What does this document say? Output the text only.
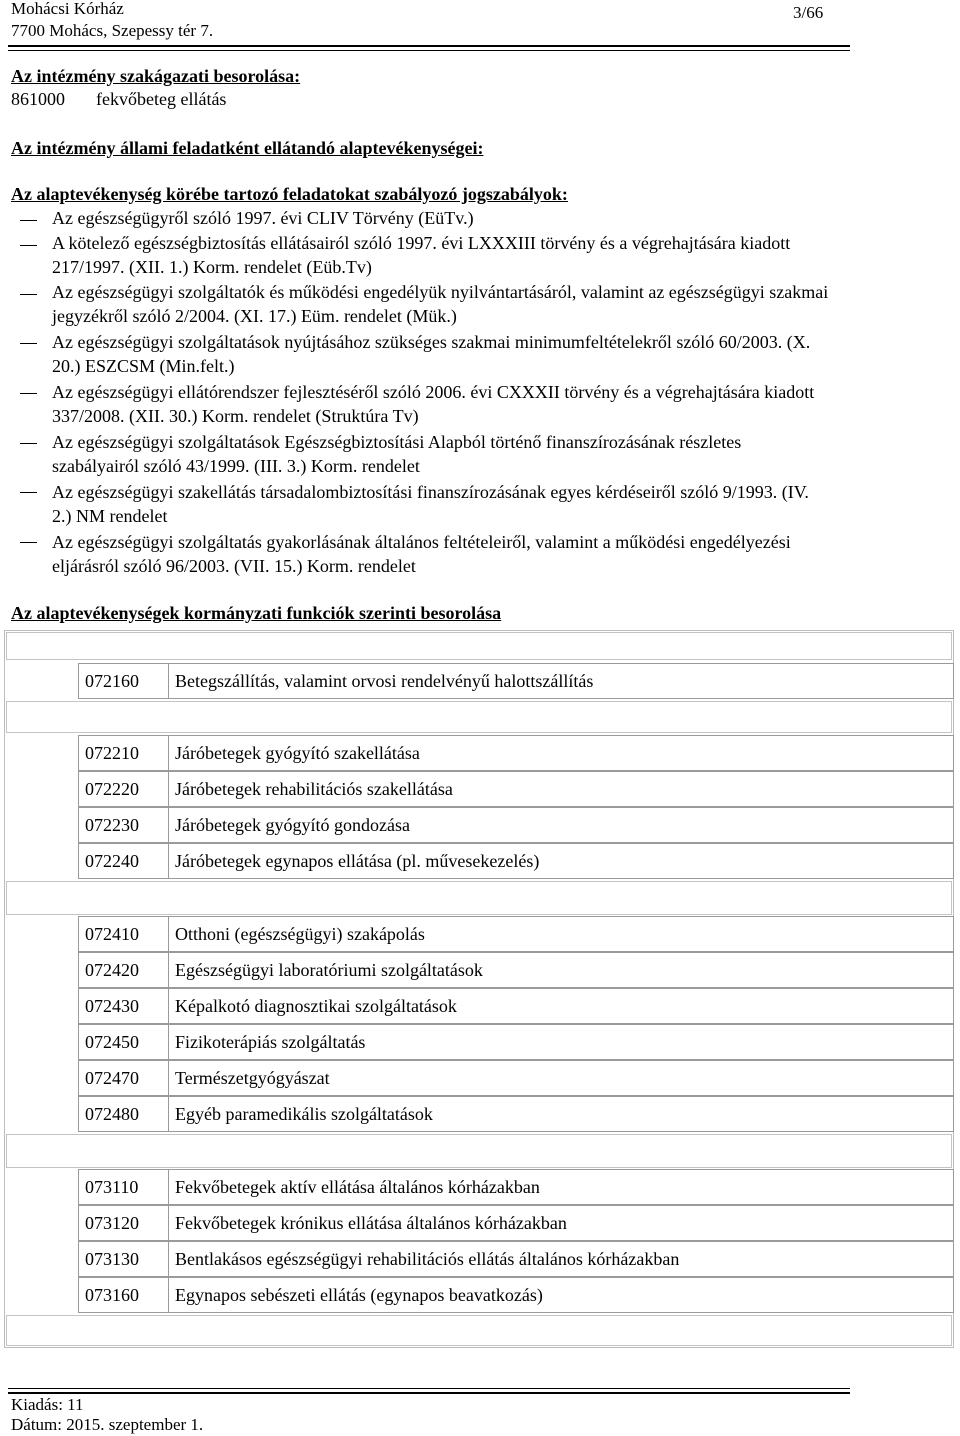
Mohácsi Kórház
7700 Mohács, Szepessy tér 7.
3/66
Az intézmény szakágazati besorolása:
861000 fekvőbeteg ellátás
Az intézmény állami feladatként ellátandó alaptevékenységei:
Az alaptevékenység körébe tartozó feladatokat szabályozó jogszabályok:
Az egészségügyről szóló 1997. évi CLIV Törvény (EüTv.)
A kötelező egészségbiztosítás ellátásairól szóló 1997. évi LXXXIII törvény és a végrehajtására kiadott 217/1997. (XII. 1.) Korm. rendelet (Eüb.Tv)
Az egészségügyi szolgáltatók és működési engedélyük nyilvántartásáról, valamint az egészségügyi szakmai jegyzékről szóló 2/2004. (XI. 17.) Eüm. rendelet (Mük.)
Az egészségügyi szolgáltatások nyújtásához szükséges szakmai minimumfeltételekről szóló 60/2003. (X. 20.) ESZCSM (Min.felt.)
Az egészségügyi ellátórendszer fejlesztéséről szóló 2006. évi CXXXII törvény és a végrehajtására kiadott 337/2008. (XII. 30.) Korm. rendelet (Struktúra Tv)
Az egészségügyi szolgáltatások Egészségbiztosítási Alapból történő finanszírozásának részletes szabályairól szóló 43/1999. (III. 3.) Korm. rendelet
Az egészségügyi szakellátás társadalombiztosítási finanszírozásának egyes kérdéseiről szóló 9/1993. (IV. 2.) NM rendelet
Az egészségügyi szolgáltatás gyakorlásának általános feltételeiről, valamint a működési engedélyezési eljárásról szóló 96/2003. (VII. 15.) Korm. rendelet
Az alaptevékenységek kormányzati funkciók szerinti besorolása
072160	Betegszállítás, valamint orvosi rendelvényű halottszállítás
072210	Járóbetegek gyógyító szakellátása
072220	Járóbetegek rehabilitációs szakellátása
072230	Járóbetegek gyógyító gondozása
072240	Járóbetegek egynapos ellátása (pl. művesekezelés)
072410	Otthoni (egészségügyi) szakápolás
072420	Egészségügyi laboratóriumi szolgáltatások
072430	Képalkotó diagnosztikai szolgáltatások
072450	Fizikoterápiás szolgáltatás
072470	Természetgyógyászat
072480	Egyéb paramedikális szolgáltatások
073110	Fekvőbetegek aktív ellátása általános kórházakban
073120	Fekvőbetegek krónikus ellátása általános kórházakban
073130	Bentlakásos egészségügyi rehabilitációs ellátás általános kórházakban
073160	Egynapos sebészeti ellátás (egynapos beavatkozás)
Kiadás: 11
Dátum: 2015. szeptember 1.
